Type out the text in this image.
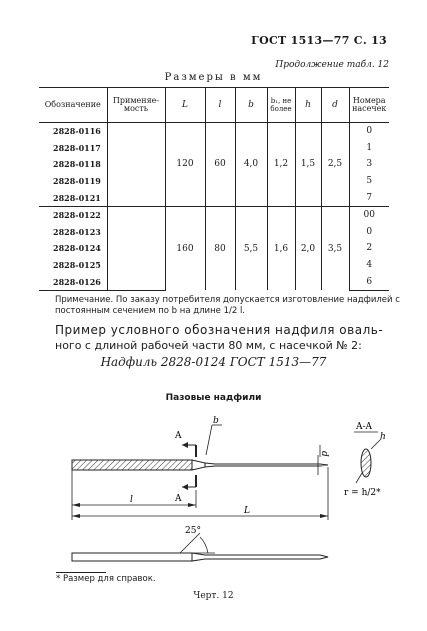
ГОСТ 1513—77 С. 13
Продолжение табл. 12
Размеры в мм
Обозначение	Применяе-мость	L	l	b	b₁, не более	h	d	Номера насечек
2828-0116		120	60	4,0	1,2	1,5	2,5	0
2828-0117								1
2828-0118								3
2828-0119								5
2828-0121								7
2828-0122		160	80	5,5	1,6	2,0	3,5	00
2828-0123								0
2828-0124								2
2828-0125								4
2828-0126								6
Примечание. По заказу потребителя допускается изготовление надфилей с постоянным сечением по b на длине 1/2 l.
Пример условного обозначения надфиля оваль-
ного с длиной рабочей части 80 мм, с насечкой № 2:
Надфиль 2828-0124 ГОСТ 1513—77
Пазовые надфили
A
A
b
d
l
L
A-A
h
r = h/2*
25°
* Размер для справок.
Черт. 12
